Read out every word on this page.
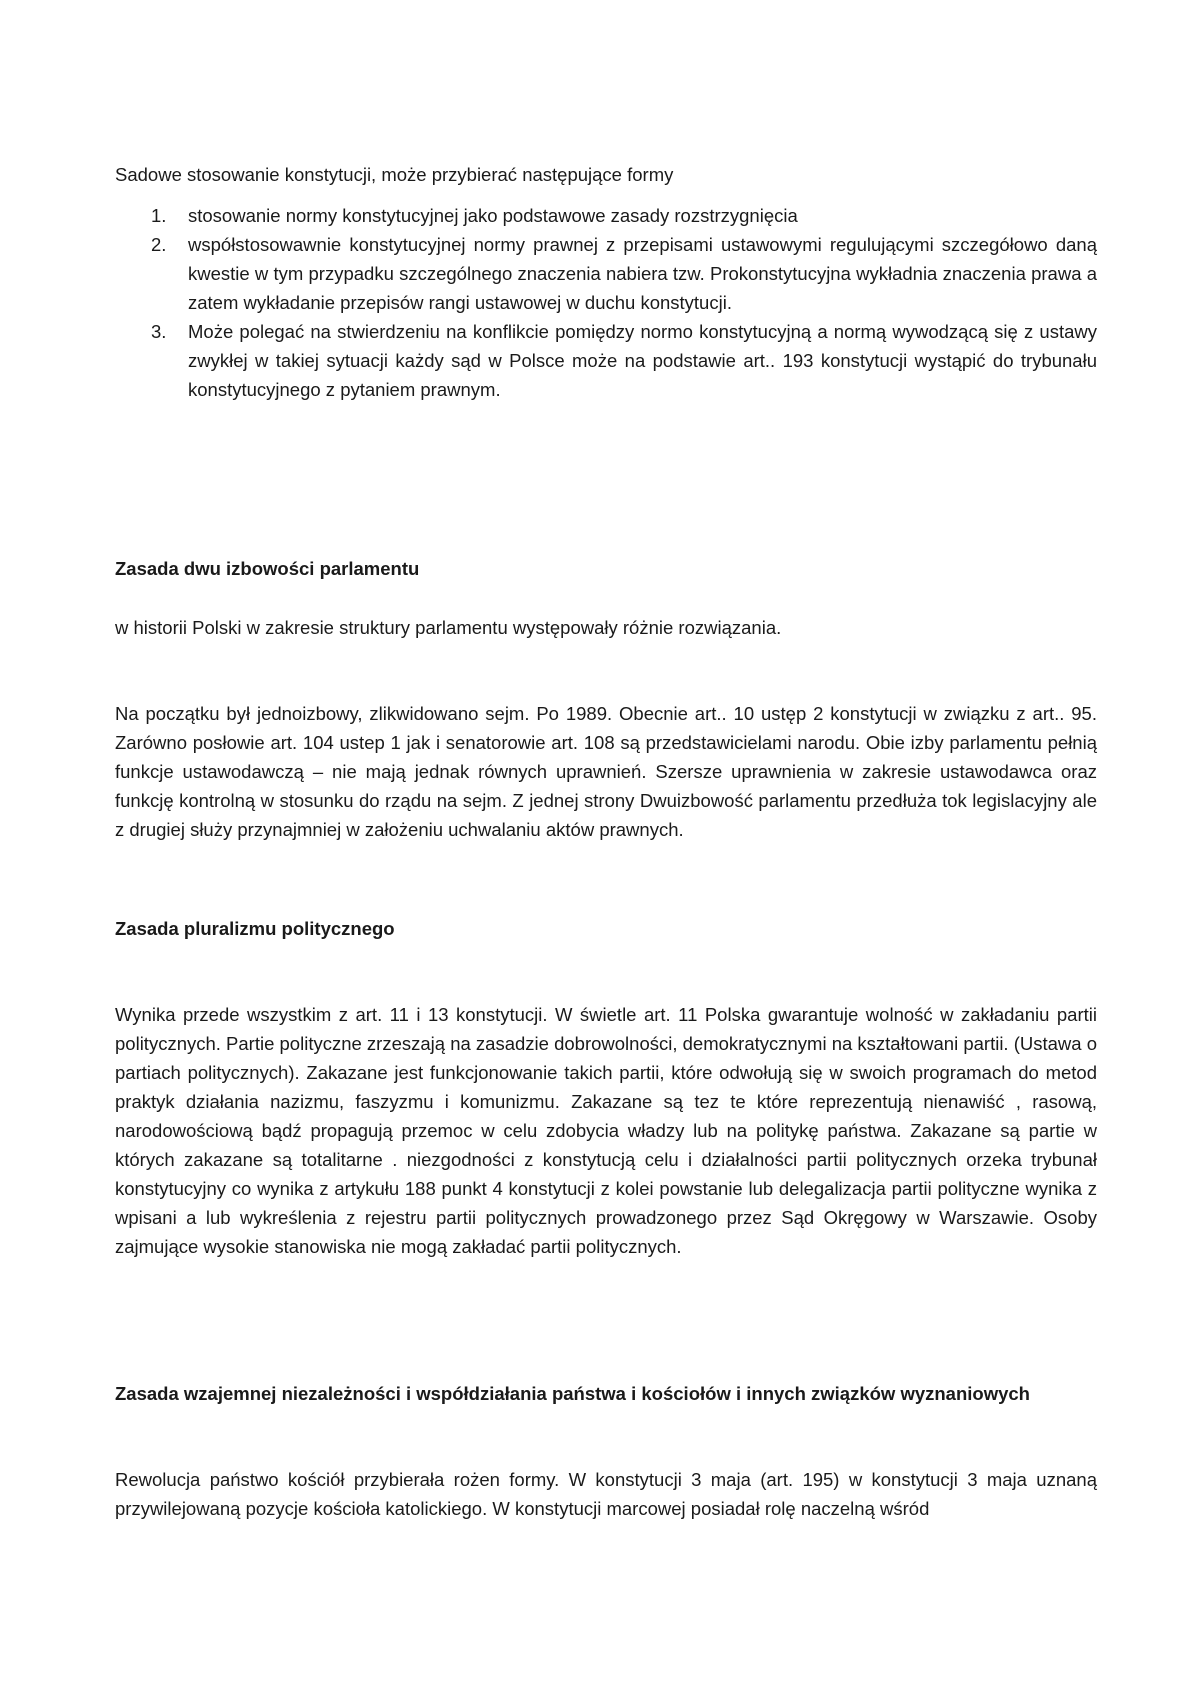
Sadowe stosowanie konstytucji, może przybierać następujące formy

1. stosowanie normy konstytucyjnej jako podstawowe zasady rozstrzygnięcia
2. współstosowawnie konstytucyjnej normy prawnej z przepisami ustawowymi regulującymi szczegółowo daną kwestie w tym przypadku szczególnego znaczenia nabiera tzw. Prokonstytucyjna wykładnia znaczenia prawa a zatem wykładanie przepisów rangi ustawowej w duchu konstytucji.
3. Może polegać na stwierdzeniu na konflikcie pomiędzy normo konstytucyjną a normą wywodzącą się z ustawy zwykłej w takiej sytuacji każdy sąd w Polsce może na podstawie art.. 193 konstytucji wystąpić do trybunału konstytucyjnego z pytaniem prawnym.
Zasada dwu izbowości parlamentu

w historii Polski w zakresie struktury parlamentu występowały różnie rozwiązania.

Na początku był jednoizbowy, zlikwidowano sejm. Po 1989. Obecnie art.. 10 ustęp 2 konstytucji w związku z art.. 95. Zarówno posłowie art. 104 ustep 1 jak i senatorowie art. 108 są przedstawicielami narodu. Obie izby parlamentu pełnią funkcje ustawodawczą – nie mają jednak równych uprawnień. Szersze uprawnienia w zakresie ustawodawca oraz funkcję kontrolną w stosunku do rządu na sejm. Z jednej strony Dwuizbowość parlamentu przedłuża tok legislacyjny ale z drugiej służy przynajmniej w założeniu uchwalaniu aktów prawnych.

Zasada pluralizmu politycznego

Wynika przede wszystkim z art. 11 i 13 konstytucji. W świetle art. 11 Polska gwarantuje wolność w zakładaniu partii politycznych. Partie polityczne zrzeszają na zasadzie dobrowolności, demokratycznymi na kształtowani partii. (Ustawa o partiach politycznych). Zakazane jest funkcjonowanie takich partii, które odwołują się w swoich programach do metod praktyk działania nazizmu, faszyzmu i komunizmu. Zakazane są tez te które reprezentują nienawiść , rasową, narodowościową bądź propagują przemoc w celu zdobycia władzy lub na politykę państwa. Zakazane są partie w których zakazane są totalitarne . niezgodności z konstytucją celu i działalności partii politycznych orzeka trybunał konstytucyjny co wynika z artykułu 188 punkt 4 konstytucji z kolei powstanie lub delegalizacja partii polityczne wynika z wpisani a lub wykreślenia z rejestru partii politycznych prowadzonego przez Sąd Okręgowy w Warszawie. Osoby zajmujące wysokie stanowiska nie mogą zakładać partii politycznych.

Zasada wzajemnej niezależności i współdziałania państwa i kościołów i innych związków wyznaniowych

Rewolucja państwo kościół przybierała rożen formy. W konstytucji 3 maja (art. 195) w konstytucji 3 maja uznaną przywilejowaną pozycje kościoła katolickiego. W konstytucji marcowej posiadał rolę naczelną wśród
